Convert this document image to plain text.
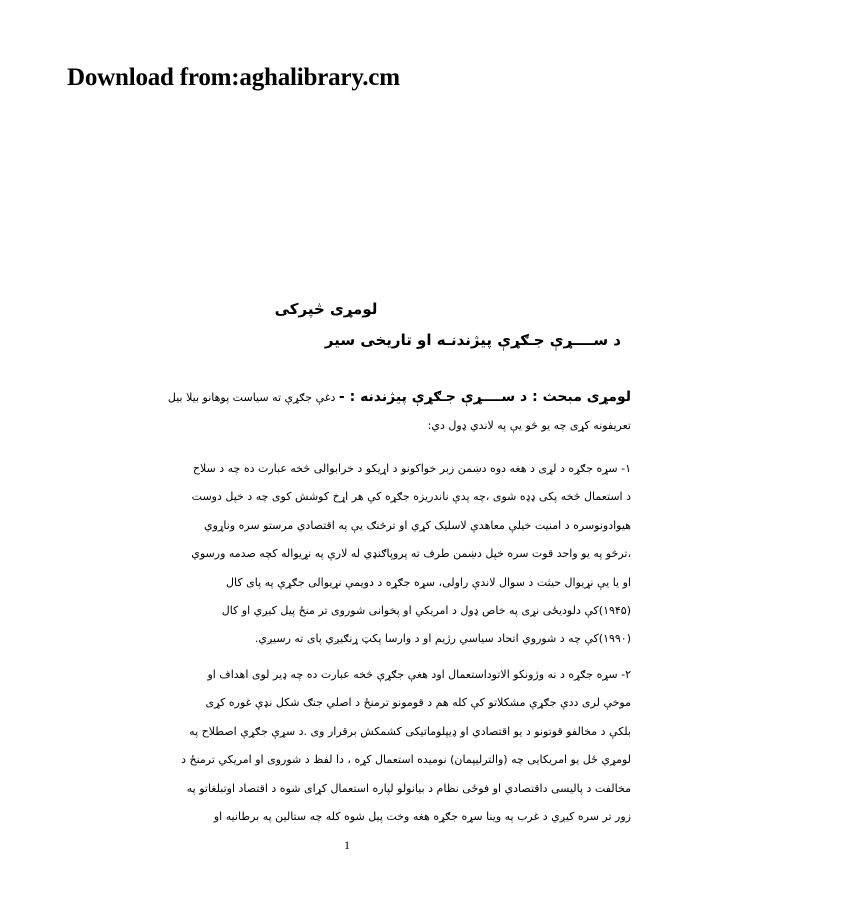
Download from:aghalibrary.cm
لومړی څپرکی
د ســــړې جـګړې پیژندنـه او تاریخی سیر

لومړی مبحث : د ســــړې جـګړې پیژندنه : - دغې جګړې ته سیاست پوهانو بیلا بیل

تعریفونه کړی چه یو څو یې په لاندي ډول دي:

۱- سړه جګړه د لړی د هغه دوه دښمن زبر خواکونو د اړیکو د خرابوالی څخه عبارت ده چه د سلاح
د استعمال څخه پکی ډډه شوی ،چه پدې ناندریزه جګړه کې هر اړخ کوشش کوی چه د خپل دوست
هیوادونوسره د امنیت خیلې معاهدې لاسلیک کړي او ترڅنګ یې په اقتصادي مرستو سره وناړوي
،ترڅو په یو واحد قوت سره خپل دښمن طرف ته پروپاګنډي له لارې په نړیواله کچه صدمه ورسوي
او یا یې نړیوال حیثت د سوال لاندې راولی، سړه جګړه د دویمې نړیوالی جګړې په پای کال
(۱۹۴۵)کې دلودیځی نړی په خاص ډول د امریکي او پخوانی شوروی تر منځ پیل کیږي او کال
(۱۹۹۰)کې چه د شوروي اتحاد سیاسي رژیم او د وارسا پکټ ړنګیږي پای ته رسیږي.
۲- سړه جګړه د نه وژونکو الاتوداستعمال اود هغې جګړې څخه عبارت ده چه ډیر لوی اهداف او
موخې لری ددې جګړې مشکلاتو کې کله هم د قومونو ترمنځ د اصلي جنګ شکل نډې غوره کړی
بلکې د مخالفو قوتونو د یو اقتصادي او ډیپلوماتیکی کشمکش برقرار وی .د سړې جګړې اصطلاح په
لومړي ځل یو امریکایی چه (والترلیپمان) نومیده استعمال کړه ، دا لفظ د شوروی او امریکي ترمنځ د
مخالفت د پالیسی داقتصادي او فوځی نظام د بیانولو لپاره استعمال کړای شوه د اقتصاد اوتبلغاتو په
زور تر سره کیږي د غرب په وینا سړه جګړه هغه وخت پیل شوه کله چه ستالین په برطانیه او
1
